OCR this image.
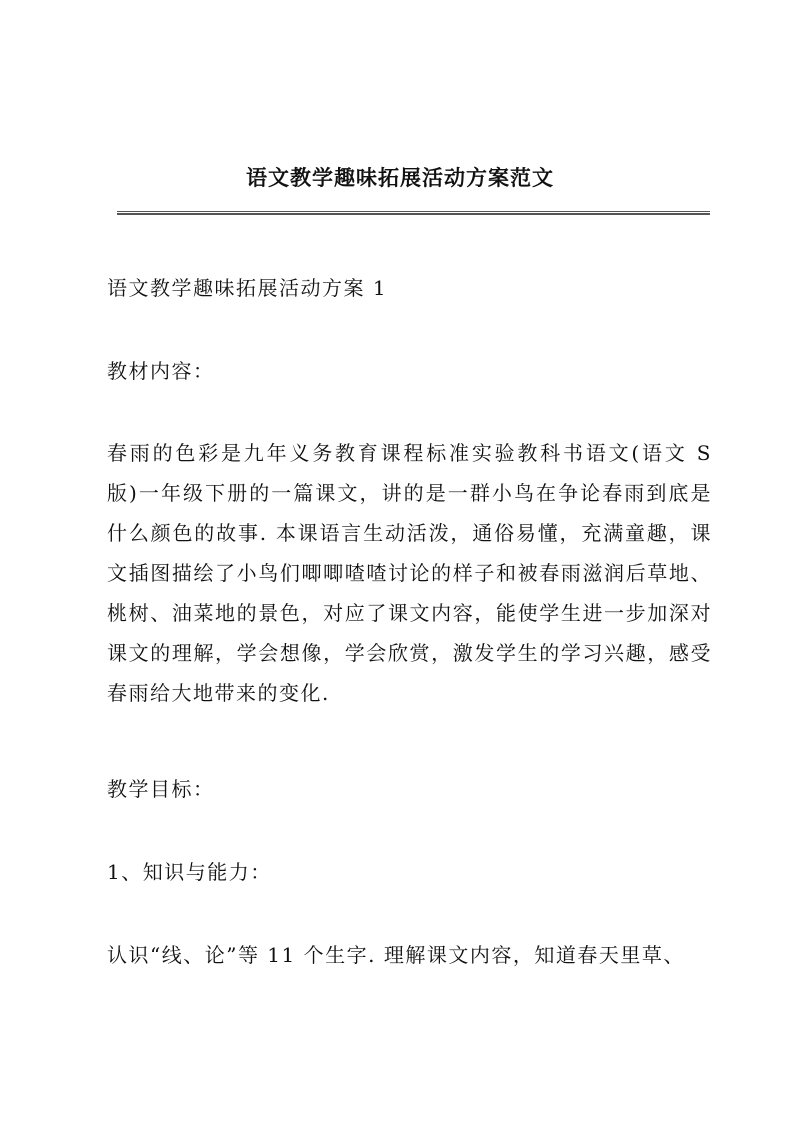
语文教学趣味拓展活动方案范文
语文教学趣味拓展活动方案 1
教材内容：
春雨的色彩是九年义务教育课程标准实验教科书语文(语文 S 版)一年级下册的一篇课文，讲的是一群小鸟在争论春雨到底是什么颜色的故事. 本课语言生动活泼，通俗易懂，充满童趣，课文插图描绘了小鸟们唧唧喳喳讨论的样子和被春雨滋润后草地、桃树、油菜地的景色，对应了课文内容，能使学生进一步加深对课文的理解，学会想像，学会欣赏，激发学生的学习兴趣，感受春雨给大地带来的变化.
教学目标：
1、知识与能力：
认识“线、论”等 11 个生字. 理解课文内容，知道春天里草、
